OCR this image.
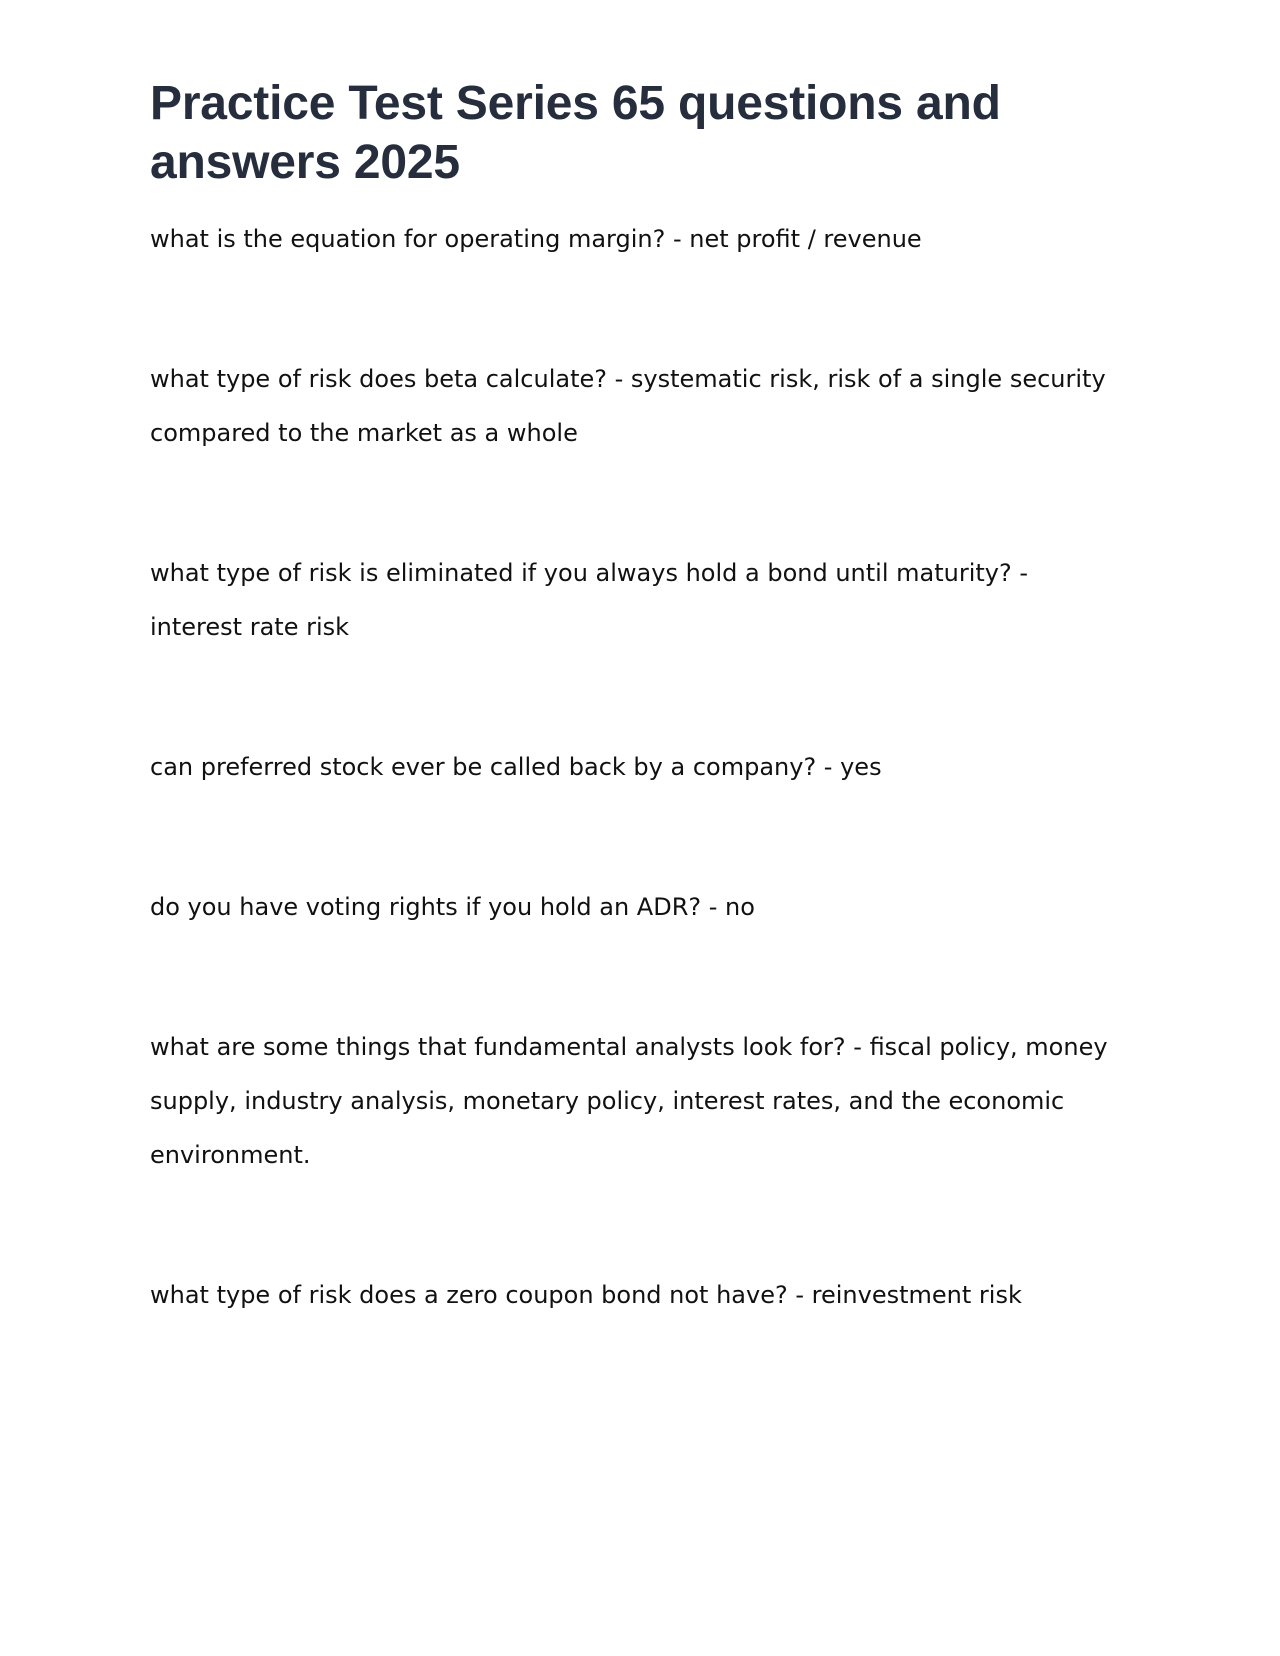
Practice Test Series 65 questions and answers 2025
what is the equation for operating margin? - net profit / revenue
what type of risk does beta calculate? - systematic risk, risk of a single security compared to the market as a whole
what type of risk is eliminated if you always hold a bond until maturity? - interest rate risk
can preferred stock ever be called back by a company? - yes
do you have voting rights if you hold an ADR? - no
what are some things that fundamental analysts look for? - fiscal policy, money supply, industry analysis, monetary policy, interest rates, and the economic environment.
what type of risk does a zero coupon bond not have? - reinvestment risk
